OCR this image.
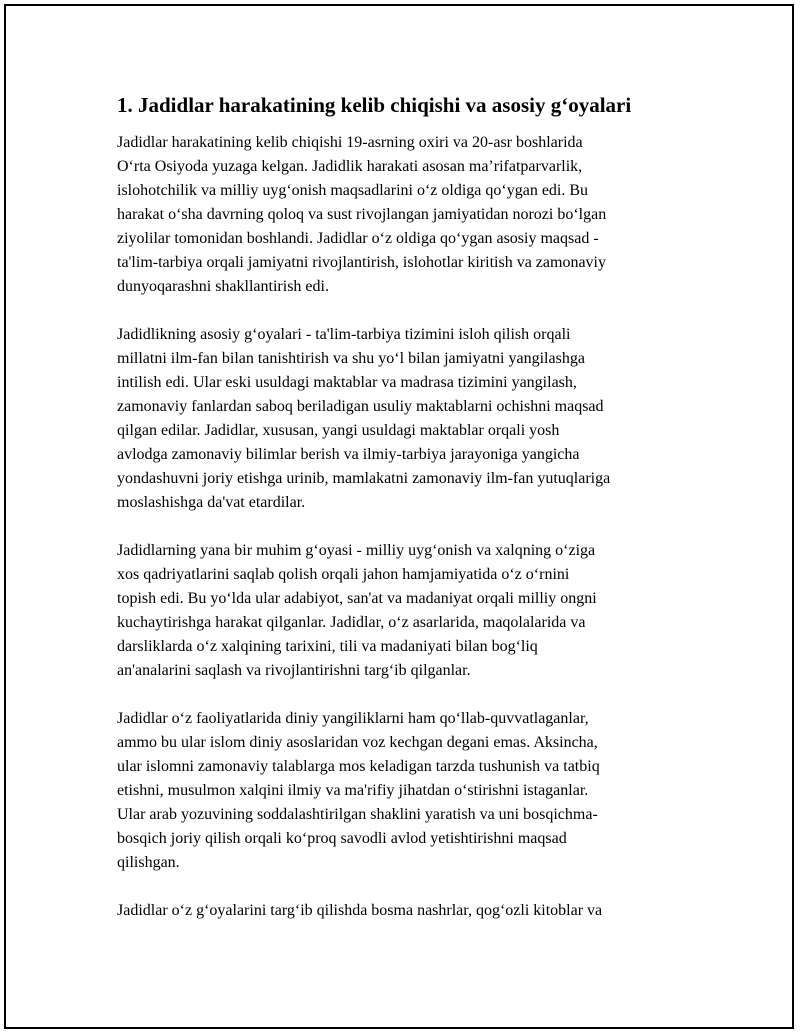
1. Jadidlar harakatining kelib chiqishi va asosiy g‘oyalari

Jadidlar harakatining kelib chiqishi 19-asrning oxiri va 20-asr boshlarida
O‘rta Osiyoda yuzaga kelgan. Jadidlik harakati asosan ma’rifatparvarlik,
islohotchilik va milliy uyg‘onish maqsadlarini o‘z oldiga qo‘ygan edi. Bu
harakat o‘sha davrning qoloq va sust rivojlangan jamiyatidan norozi bo‘lgan
ziyolilar tomonidan boshlandi. Jadidlar o‘z oldiga qo‘ygan asosiy maqsad -
ta'lim-tarbiya orqali jamiyatni rivojlantirish, islohotlar kiritish va zamonaviy
dunyoqarashni shakllantirish edi.

Jadidlikning asosiy g‘oyalari - ta'lim-tarbiya tizimini isloh qilish orqali
millatni ilm-fan bilan tanishtirish va shu yo‘l bilan jamiyatni yangilashga
intilish edi. Ular eski usuldagi maktablar va madrasa tizimini yangilash,
zamonaviy fanlardan saboq beriladigan usuliy maktablarni ochishni maqsad
qilgan edilar. Jadidlar, xususan, yangi usuldagi maktablar orqali yosh
avlodga zamonaviy bilimlar berish va ilmiy-tarbiya jarayoniga yangicha
yondashuvni joriy etishga urinib, mamlakatni zamonaviy ilm-fan yutuqlariga
moslashishga da'vat etardilar.

Jadidlarning yana bir muhim g‘oyasi - milliy uyg‘onish va xalqning o‘ziga
xos qadriyatlarini saqlab qolish orqali jahon hamjamiyatida o‘z o‘rnini
topish edi. Bu yo‘lda ular adabiyot, san'at va madaniyat orqali milliy ongni
kuchaytirishga harakat qilganlar. Jadidlar, o‘z asarlarida, maqolalarida va
darsliklarda o‘z xalqining tarixini, tili va madaniyati bilan bog‘liq
an'analarini saqlash va rivojlantirishni targ‘ib qilganlar.

Jadidlar o‘z faoliyatlarida diniy yangiliklarni ham qo‘llab-quvvatlaganlar,
ammo bu ular islom diniy asoslaridan voz kechgan degani emas. Aksincha,
ular islomni zamonaviy talablarga mos keladigan tarzda tushunish va tatbiq
etishni, musulmon xalqini ilmiy va ma'rifiy jihatdan o‘stirishni istaganlar.
Ular arab yozuvining soddalashtirilgan shaklini yaratish va uni bosqichma-
bosqich joriy qilish orqali ko‘proq savodli avlod yetishtirishni maqsad
qilishgan.

Jadidlar o‘z g‘oyalarini targ‘ib qilishda bosma nashrlar, qog‘ozli kitoblar va
